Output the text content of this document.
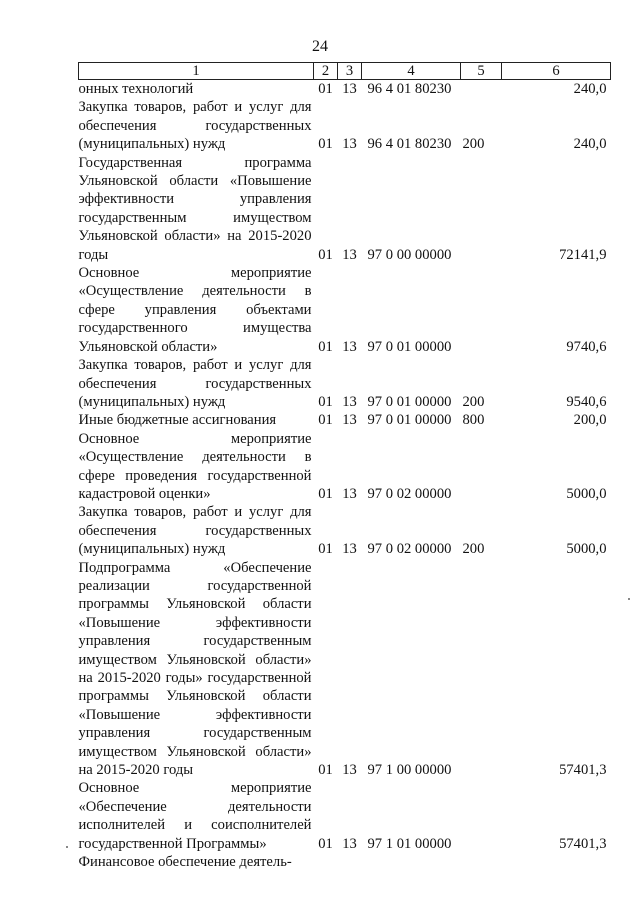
24
1	2	3	4	5	6
онных технологий	01	13	96 4 01 80230		240,0
Закупка товаров, работ и услуг для обеспечения государственных (муниципальных) нужд	01	13	96 4 01 80230	200	240,0
Государственная программа Ульяновской области «Повышение эффективности управления государственным имуществом Ульяновской области» на 2015-2020 годы	01	13	97 0 00 00000		72141,9
Основное мероприятие «Осуществление деятельности в сфере управления объектами государственного имущества Ульяновской области»	01	13	97 0 01 00000		9740,6
Закупка товаров, работ и услуг для обеспечения государственных (муниципальных) нужд	01	13	97 0 01 00000	200	9540,6
Иные бюджетные ассигнования	01	13	97 0 01 00000	800	200,0
Основное мероприятие «Осуществление деятельности в сфере проведения государственной кадастровой оценки»	01	13	97 0 02 00000		5000,0
Закупка товаров, работ и услуг для обеспечения государственных (муниципальных) нужд	01	13	97 0 02 00000	200	5000,0
Подпрограмма «Обеспечение реализации государственной программы Ульяновской области «Повышение эффективности управления государственным имуществом Ульяновской области» на 2015-2020 годы» государственной программы Ульяновской области «Повышение эффективности управления государственным имуществом Ульяновской области» на 2015-2020 годы	01	13	97 1 00 00000		57401,3
Основное мероприятие «Обеспечение деятельности исполнителей и соисполнителей государственной Программы»	01	13	97 1 01 00000		57401,3
Финансовое обеспечение деятель-					
